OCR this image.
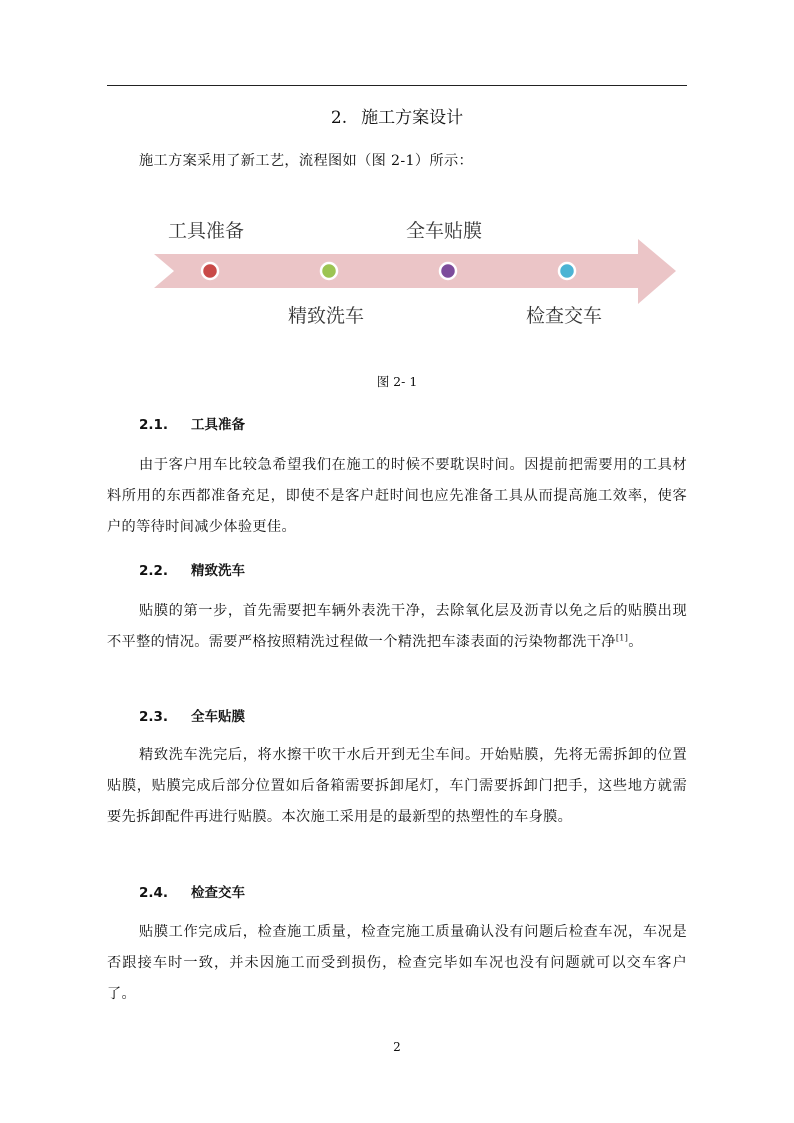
2. 施工方案设计

施工方案采用了新工艺，流程图如（图 2-1）所示：

工具准备
精致洗车
全车贴膜
检查交车
图 2- 1
2.1. 工具准备

由于客户用车比较急希望我们在施工的时候不要耽误时间。因提前把需要用的工具材料所用的东西都准备充足，即使不是客户赶时间也应先准备工具从而提高施工效率，使客户的等待时间减少体验更佳。

2.2. 精致洗车

贴膜的第一步，首先需要把车辆外表洗干净，去除氧化层及沥青以免之后的贴膜出现不平整的情况。需要严格按照精洗过程做一个精洗把车漆表面的污染物都洗干净[1]。

2.3. 全车贴膜

精致洗车洗完后，将水擦干吹干水后开到无尘车间。开始贴膜，先将无需拆卸的位置贴膜，贴膜完成后部分位置如后备箱需要拆卸尾灯，车门需要拆卸门把手，这些地方就需要先拆卸配件再进行贴膜。本次施工采用是的最新型的热塑性的车身膜。

2.4. 检查交车

贴膜工作完成后，检查施工质量，检查完施工质量确认没有问题后检查车况，车况是否跟接车时一致，并未因施工而受到损伤，检查完毕如车况也没有问题就可以交车客户了。

2
